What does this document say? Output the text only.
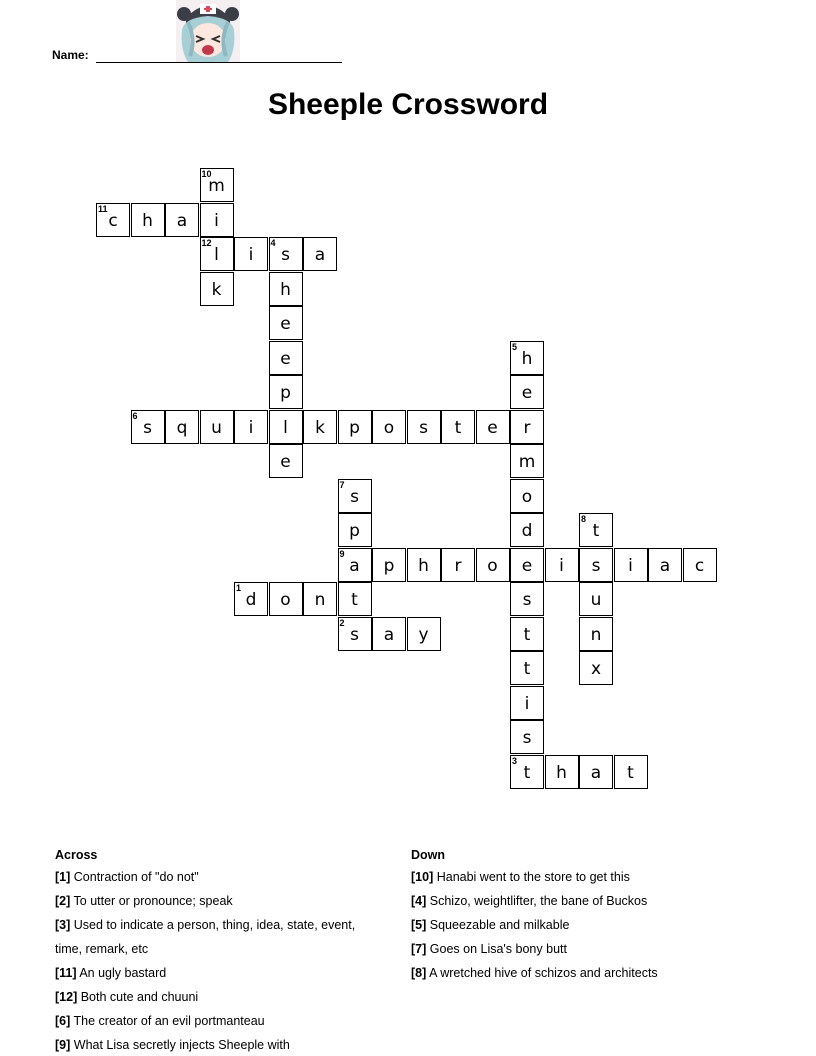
Name:
Sheeple Crossword
10
m
i
12
l
11
c	h	a
i
4
s	a
k	h
e
e
p
l
e
5
h
e
r
m
o
d
e
s
t
t
i
s
6
s	q	u	i	k	p	o	s	t	e
7
s
p
9
a
t
8
t
s
u
n
x
p	h	r	o	i	i	a	c
1
d	o	n
2
s	a	y
3
t	h	a	t
Across
[1] Contraction of "do not"
[2] To utter or pronounce; speak
[3] Used to indicate a person, thing, idea, state, event, time, remark, etc
[11] An ugly bastard
[12] Both cute and chuuni
[6] The creator of an evil portmanteau
[9] What Lisa secretly injects Sheeple with
Down
[10] Hanabi went to the store to get this
[4] Schizo, weightlifter, the bane of Buckos
[5] Squeezable and milkable
[7] Goes on Lisa's bony butt
[8] A wretched hive of schizos and architects
